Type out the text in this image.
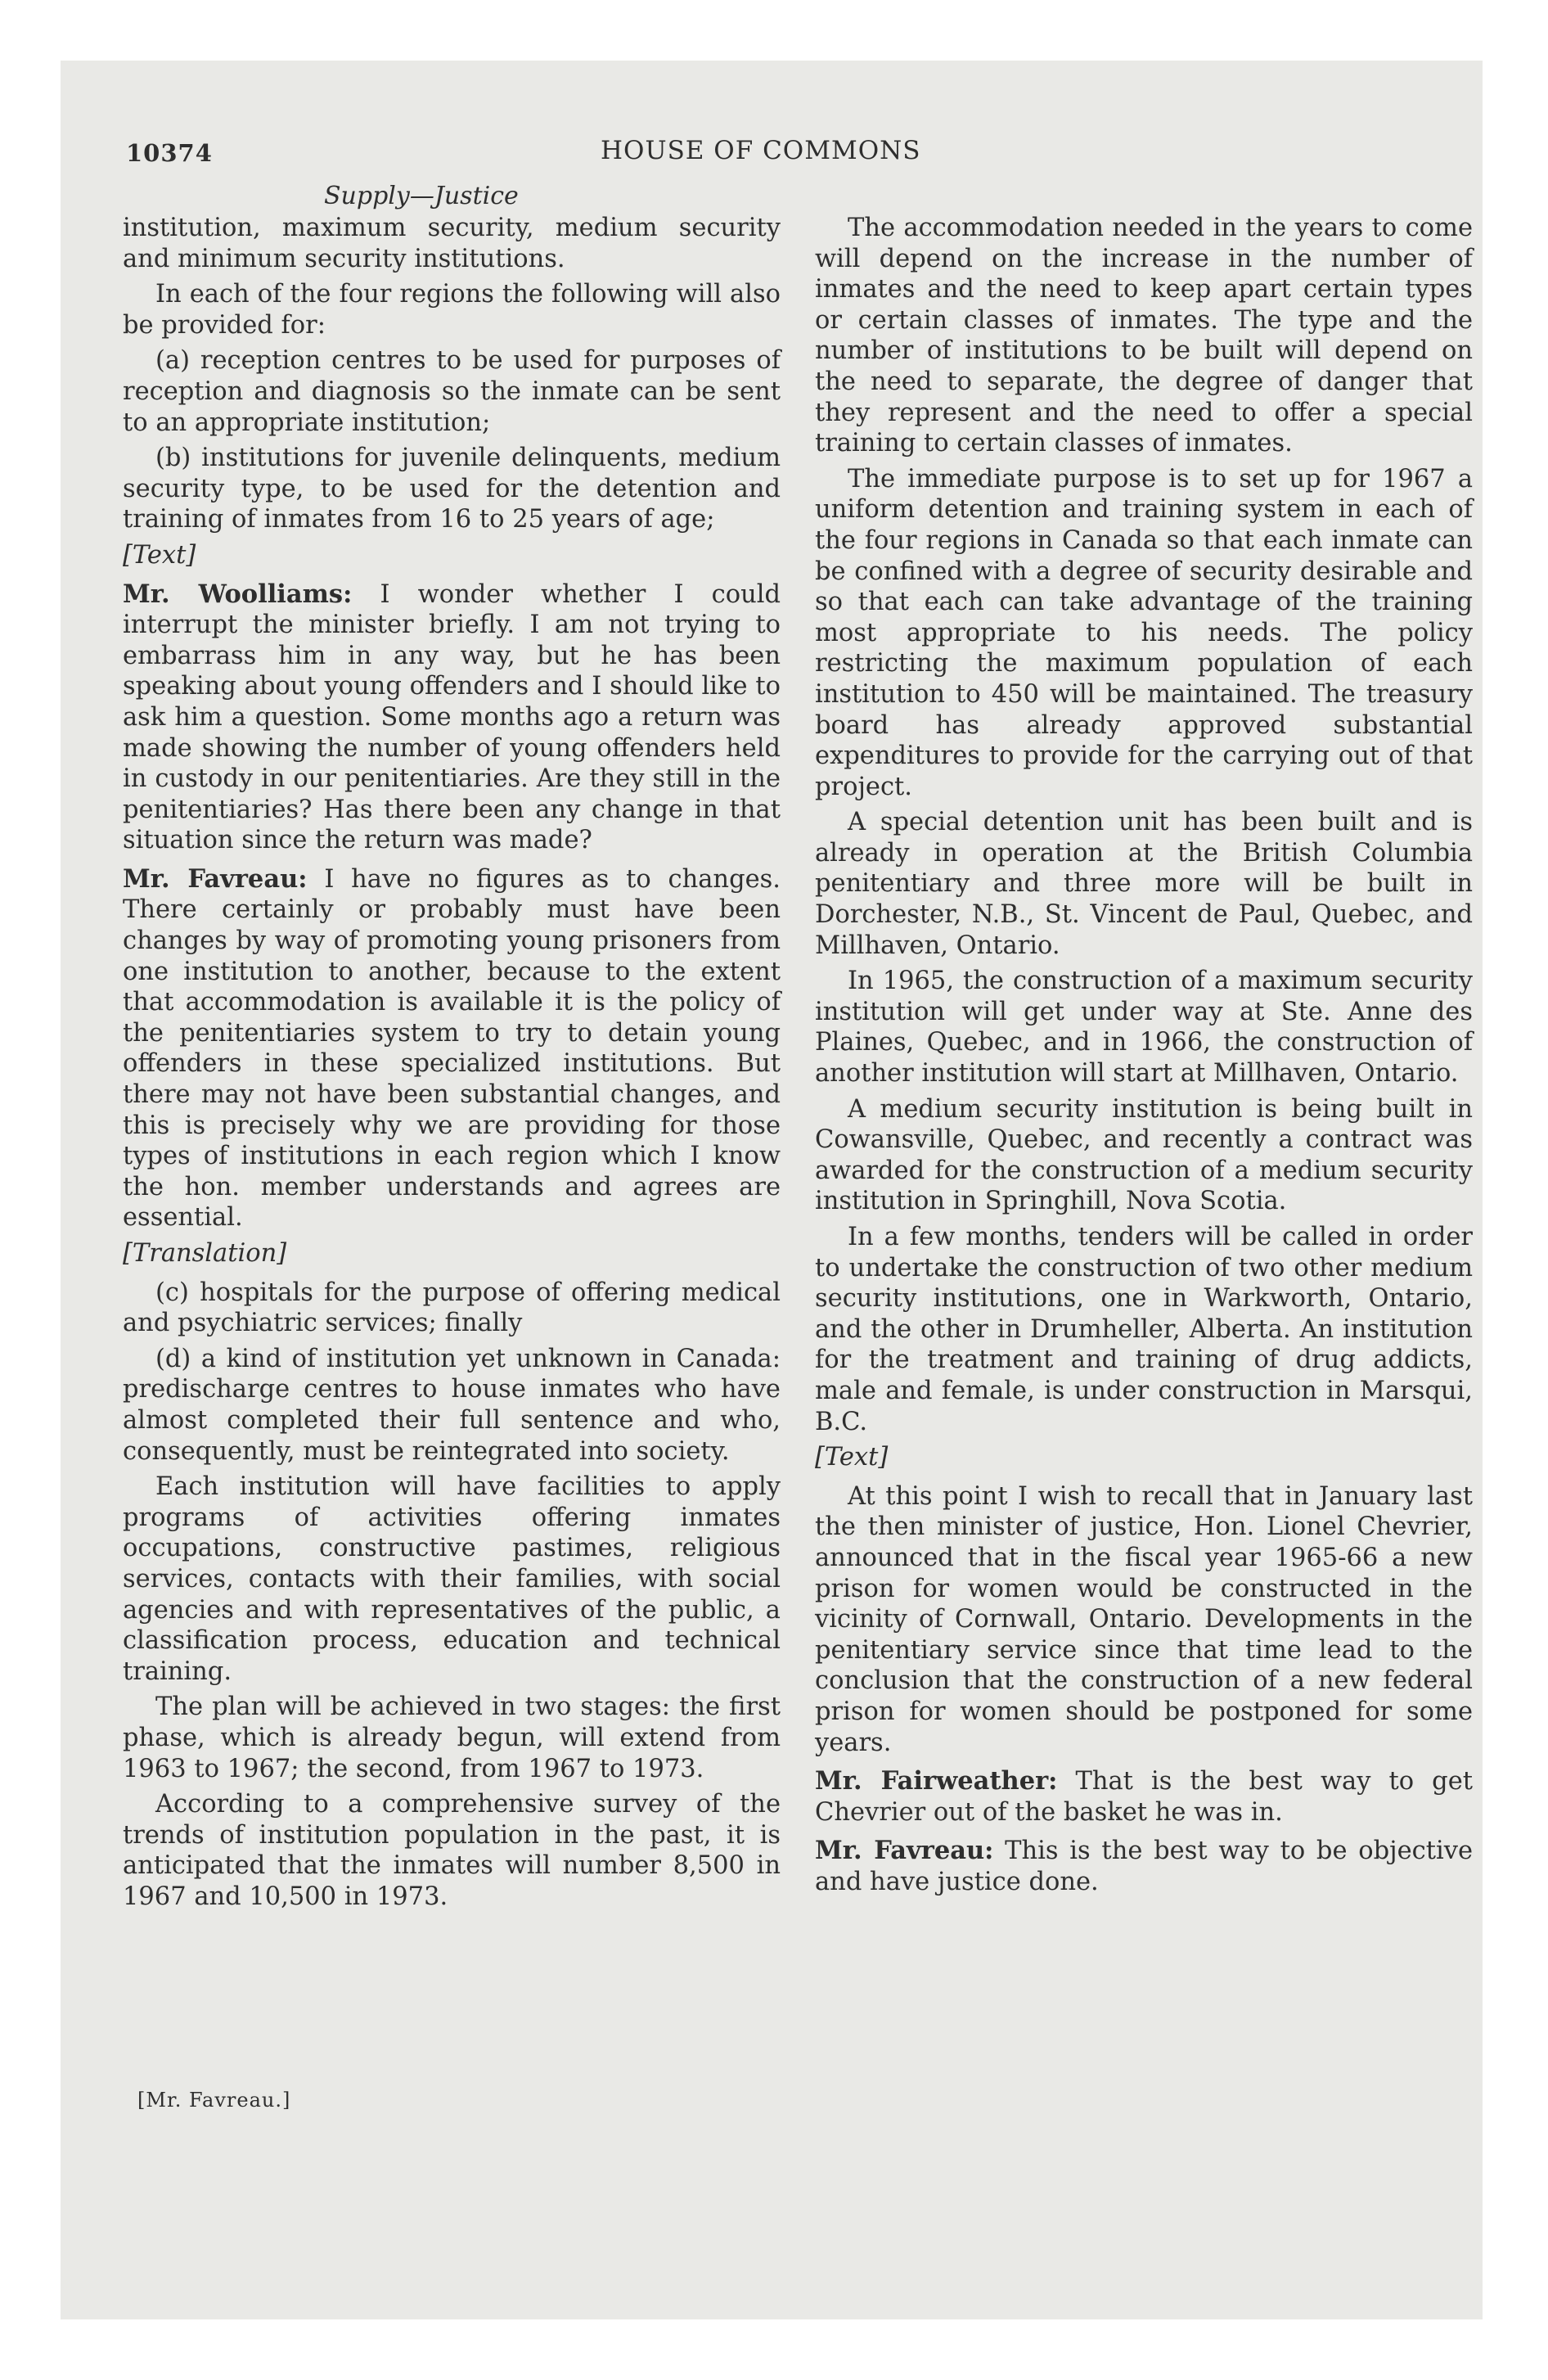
10374	HOUSE OF COMMONS
Supply—Justice

institution, maximum security, medium security and minimum security institutions.

In each of the four regions the following will also be provided for:

(a) reception centres to be used for purposes of reception and diagnosis so the inmate can be sent to an appropriate institution;

(b) institutions for juvenile delinquents, medium security type, to be used for the detention and training of inmates from 16 to 25 years of age;

[Text]

Mr. Woolliams: I wonder whether I could interrupt the minister briefly. I am not trying to embarrass him in any way, but he has been speaking about young offenders and I should like to ask him a question. Some months ago a return was made showing the number of young offenders held in custody in our penitentiaries. Are they still in the penitentiaries? Has there been any change in that situation since the return was made?

Mr. Favreau: I have no figures as to changes. There certainly or probably must have been changes by way of promoting young prisoners from one institution to another, because to the extent that accommodation is available it is the policy of the penitentiaries system to try to detain young offenders in these specialized institutions. But there may not have been substantial changes, and this is precisely why we are providing for those types of institutions in each region which I know the hon. member understands and agrees are essential.

[Translation]

(c) hospitals for the purpose of offering medical and psychiatric services; finally

(d) a kind of institution yet unknown in Canada: predischarge centres to house inmates who have almost completed their full sentence and who, consequently, must be reintegrated into society.

Each institution will have facilities to apply programs of activities offering inmates occupations, constructive pastimes, religious services, contacts with their families, with social agencies and with representatives of the public, a classification process, education and technical training.

The plan will be achieved in two stages: the first phase, which is already begun, will extend from 1963 to 1967; the second, from 1967 to 1973.

According to a comprehensive survey of the trends of institution population in the past, it is anticipated that the inmates will number 8,500 in 1967 and 10,500 in 1973.

The accommodation needed in the years to come will depend on the increase in the number of inmates and the need to keep apart certain types or certain classes of inmates. The type and the number of institutions to be built will depend on the need to separate, the degree of danger that they represent and the need to offer a special training to certain classes of inmates.

The immediate purpose is to set up for 1967 a uniform detention and training system in each of the four regions in Canada so that each inmate can be confined with a degree of security desirable and so that each can take advantage of the training most appropriate to his needs. The policy restricting the maximum population of each institution to 450 will be maintained. The treasury board has already approved substantial expenditures to provide for the carrying out of that project.

A special detention unit has been built and is already in operation at the British Columbia penitentiary and three more will be built in Dorchester, N.B., St. Vincent de Paul, Quebec, and Millhaven, Ontario.

In 1965, the construction of a maximum security institution will get under way at Ste. Anne des Plaines, Quebec, and in 1966, the construction of another institution will start at Millhaven, Ontario.

A medium security institution is being built in Cowansville, Quebec, and recently a contract was awarded for the construction of a medium security institution in Springhill, Nova Scotia.

In a few months, tenders will be called in order to undertake the construction of two other medium security institutions, one in Warkworth, Ontario, and the other in Drumheller, Alberta. An institution for the treatment and training of drug addicts, male and female, is under construction in Marsqui, B.C.

[Text]

At this point I wish to recall that in January last the then minister of justice, Hon. Lionel Chevrier, announced that in the fiscal year 1965-66 a new prison for women would be constructed in the vicinity of Cornwall, Ontario. Developments in the penitentiary service since that time lead to the conclusion that the construction of a new federal prison for women should be postponed for some years.

Mr. Fairweather: That is the best way to get Chevrier out of the basket he was in.

Mr. Favreau: This is the best way to be objective and have justice done.

[Mr. Favreau.]
